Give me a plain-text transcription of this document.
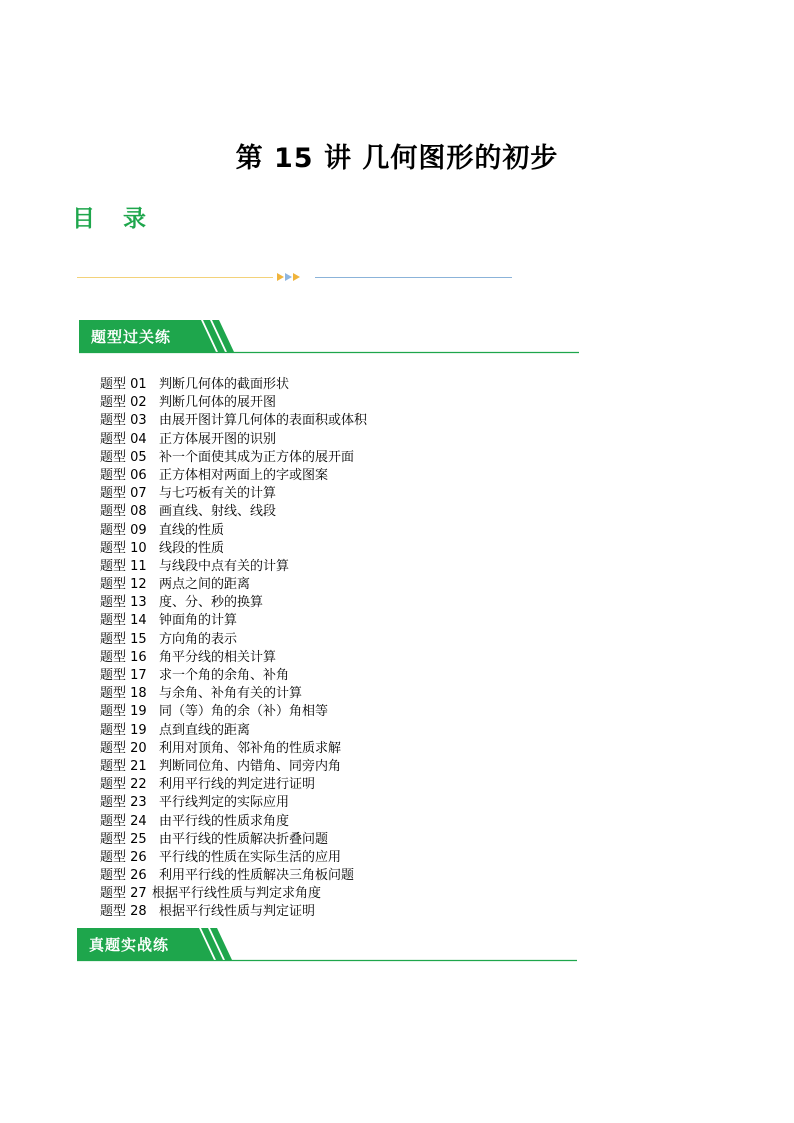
第 15 讲 几何图形的初步
目 录
题型过关练
题型 01 判断几何体的截面形状
题型 02 判断几何体的展开图
题型 03 由展开图计算几何体的表面积或体积
题型 04 正方体展开图的识别
题型 05 补一个面使其成为正方体的展开面
题型 06 正方体相对两面上的字或图案
题型 07 与七巧板有关的计算
题型 08 画直线、射线、线段
题型 09 直线的性质
题型 10 线段的性质
题型 11 与线段中点有关的计算
题型 12 两点之间的距离
题型 13 度、分、秒的换算
题型 14 钟面角的计算
题型 15 方向角的表示
题型 16 角平分线的相关计算
题型 17 求一个角的余角、补角
题型 18 与余角、补角有关的计算
题型 19 同（等）角的余（补）角相等
题型 19 点到直线的距离
题型 20 利用对顶角、邻补角的性质求解
题型 21 判断同位角、内错角、同旁内角
题型 22 利用平行线的判定进行证明
题型 23 平行线判定的实际应用
题型 24 由平行线的性质求角度
题型 25 由平行线的性质解决折叠问题
题型 26 平行线的性质在实际生活的应用
题型 26 利用平行线的性质解决三角板问题
题型 27 根据平行线性质与判定求角度
题型 28 根据平行线性质与判定证明
真题实战练
